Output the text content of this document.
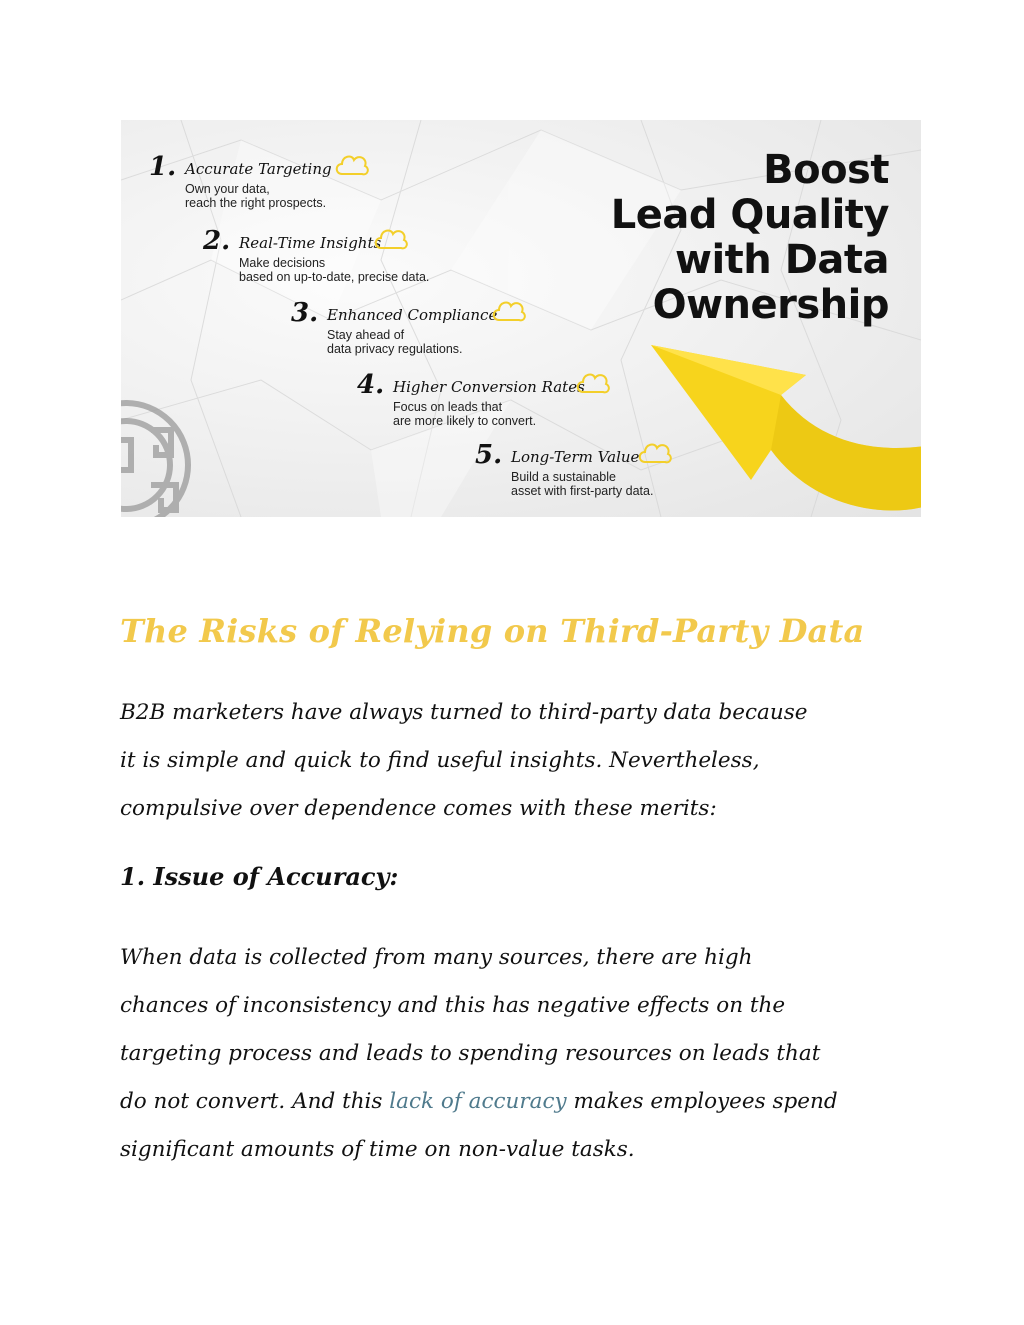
Boost
Lead Quality
with Data
Ownership
1. Accurate Targeting
Own your data,
reach the right prospects.
2. Real-Time Insights
Make decisions
based on up-to-date, precise data.
3. Enhanced Compliance
Stay ahead of
data privacy regulations.
4. Higher Conversion Rates
Focus on leads that
are more likely to convert.
5. Long-Term Value
Build a sustainable
asset with first-party data.
The Risks of Relying on Third-Party Data
B2B marketers have always turned to third-party data because
it is simple and quick to find useful insights. Nevertheless,
compulsive over dependence comes with these merits:
1. Issue of Accuracy:
When data is collected from many sources, there are high
chances of inconsistency and this has negative effects on the
targeting process and leads to spending resources on leads that
do not convert. And this lack of accuracy makes employees spend
significant amounts of time on non-value tasks.
